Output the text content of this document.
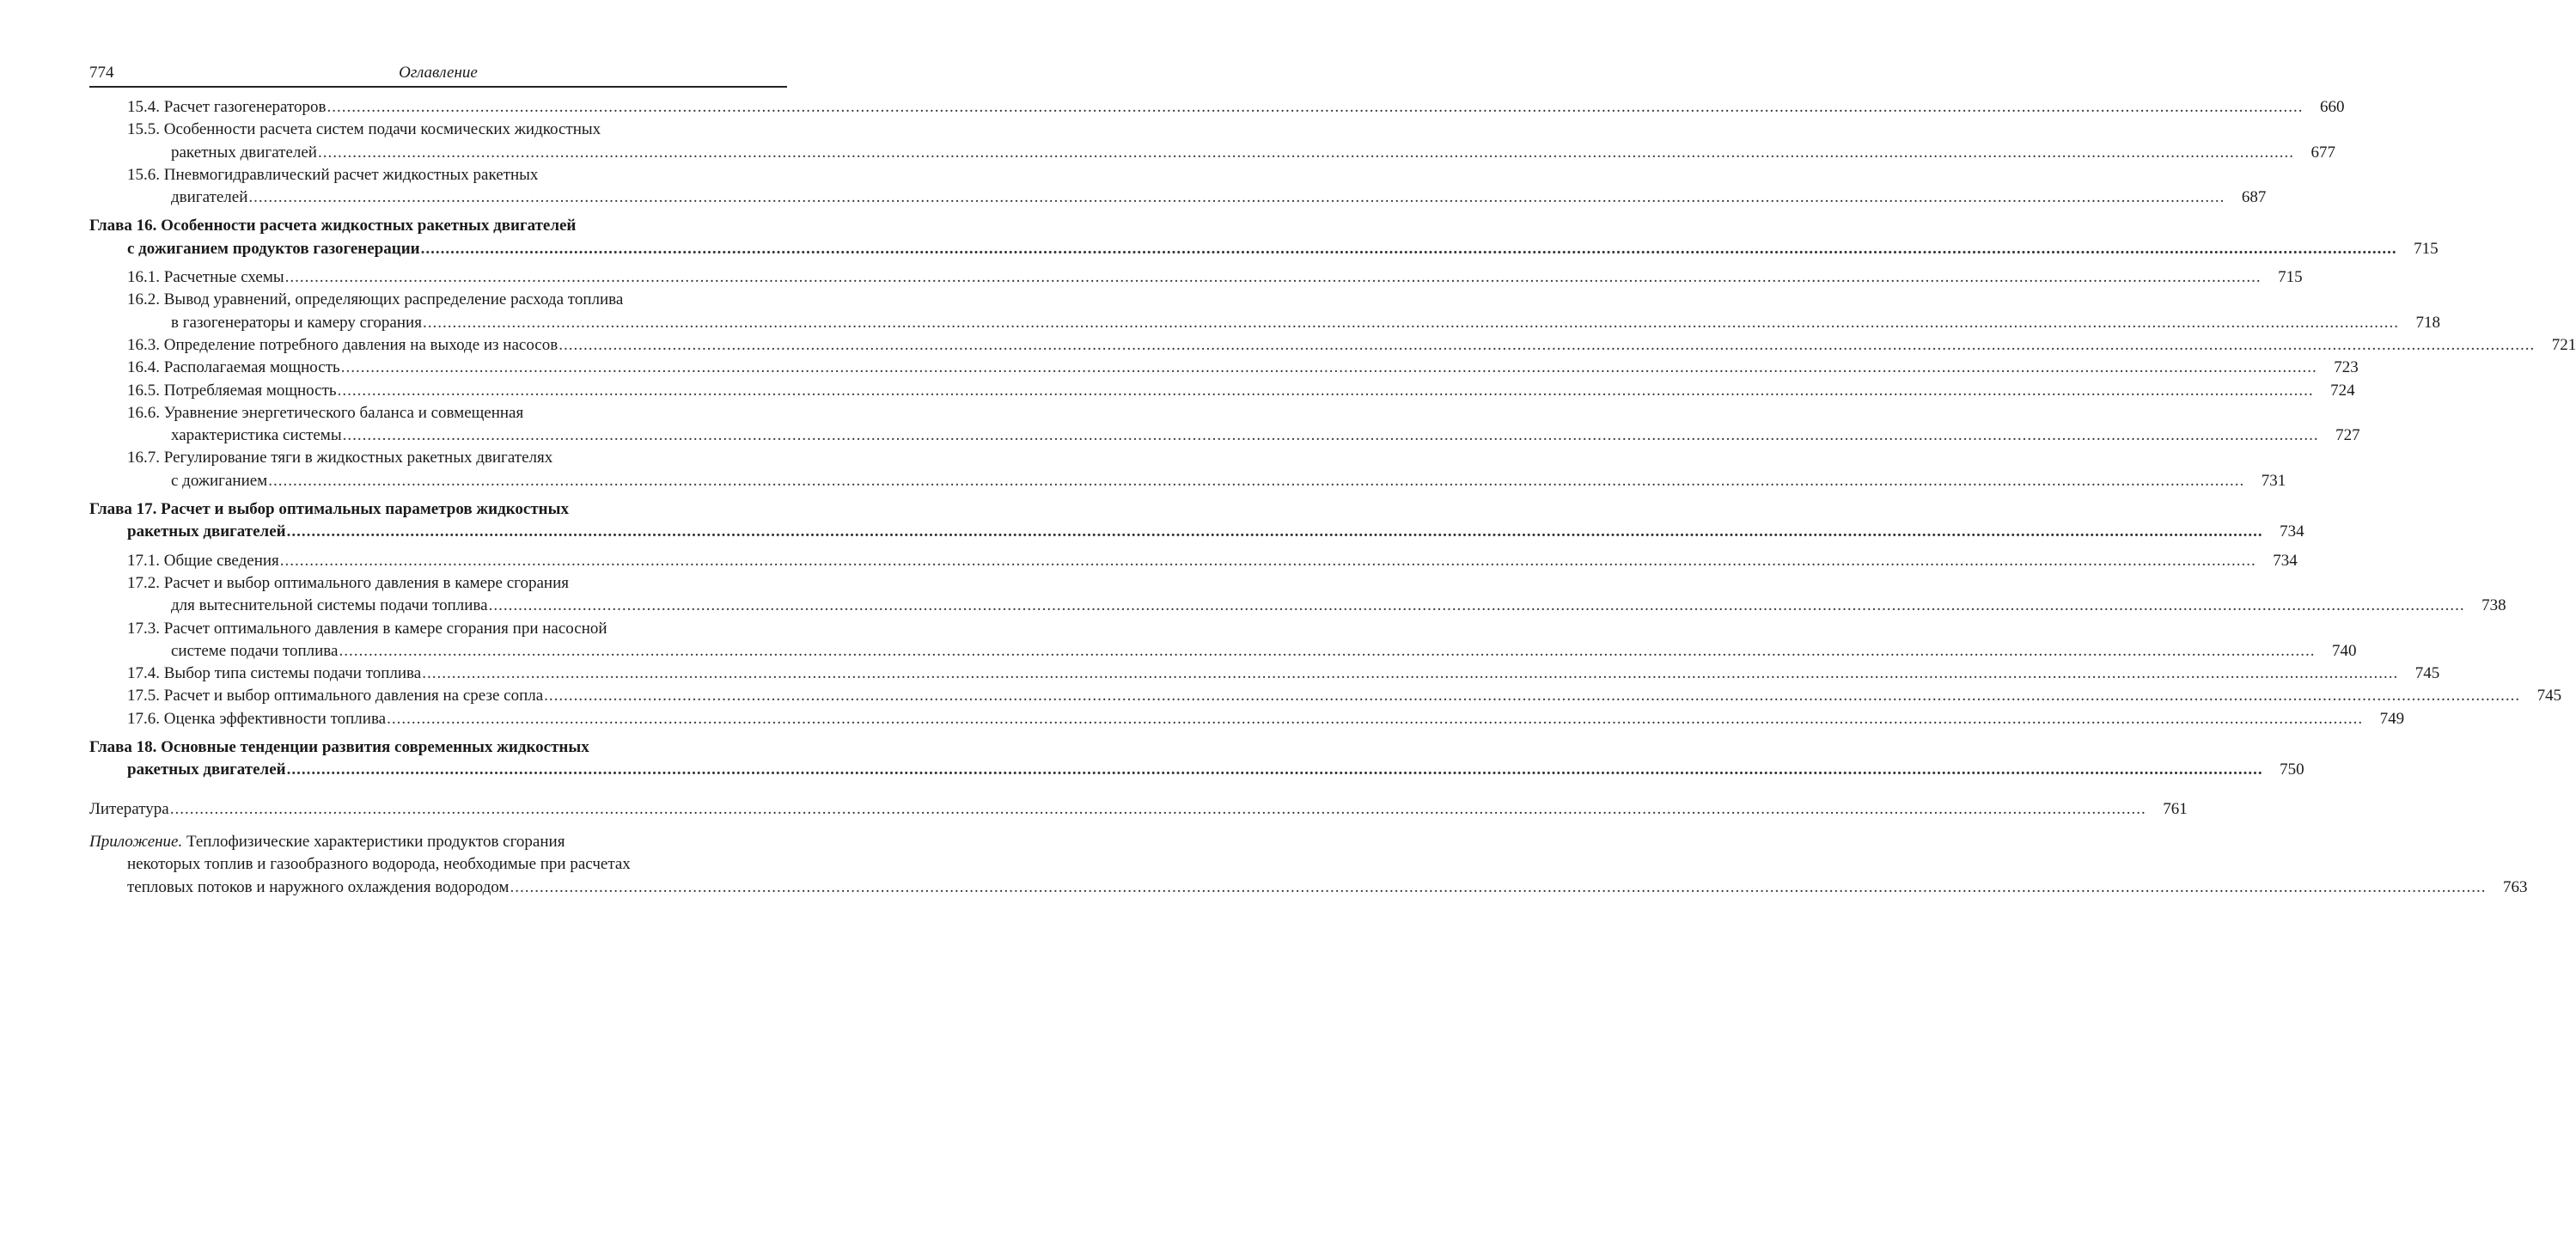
774	Оглавление
15.4. Расчет газогенераторов ................................................................................................................................................................................................................................................................................................................................................................................................................	660
15.5. Особенности расчета систем подачи космических жидкостных
ракетных двигателей ................................................................................................................................................................................................................................................................................................................................................................................................................	677
15.6. Пневмогидравлический расчет жидкостных ракетных
двигателей ................................................................................................................................................................................................................................................................................................................................................................................................................	687
Глава 16. Особенности расчета жидкостных ракетных двигателей
с дожиганием продуктов газогенерации ................................................................................................................................................................................................................................................................................................................................................................................................................	715
16.1. Расчетные схемы ................................................................................................................................................................................................................................................................................................................................................................................................................	715
16.2. Вывод уравнений, определяющих распределение расхода топлива
в газогенераторы и камеру сгорания ................................................................................................................................................................................................................................................................................................................................................................................................................	718
16.3. Определение потребного давления на выходе из насосов ................................................................................................................................................................................................................................................................................................................................................................................................................	721
16.4. Располагаемая мощность ................................................................................................................................................................................................................................................................................................................................................................................................................	723
16.5. Потребляемая мощность ................................................................................................................................................................................................................................................................................................................................................................................................................	724
16.6. Уравнение энергетического баланса и совмещенная
характеристика системы ................................................................................................................................................................................................................................................................................................................................................................................................................	727
16.7. Регулирование тяги в жидкостных ракетных двигателях
с дожиганием ................................................................................................................................................................................................................................................................................................................................................................................................................	731
Глава 17. Расчет и выбор оптимальных параметров жидкостных
ракетных двигателей ................................................................................................................................................................................................................................................................................................................................................................................................................	734
17.1. Общие сведения ................................................................................................................................................................................................................................................................................................................................................................................................................	734
17.2. Расчет и выбор оптимального давления в камере сгорания
для вытеснительной системы подачи топлива ................................................................................................................................................................................................................................................................................................................................................................................................................	738
17.3. Расчет оптимального давления в камере сгорания при насосной
системе подачи топлива ................................................................................................................................................................................................................................................................................................................................................................................................................	740
17.4. Выбор типа системы подачи топлива ................................................................................................................................................................................................................................................................................................................................................................................................................	745
17.5. Расчет и выбор оптимального давления на срезе сопла ................................................................................................................................................................................................................................................................................................................................................................................................................	745
17.6. Оценка эффективности топлива ................................................................................................................................................................................................................................................................................................................................................................................................................	749
Глава 18. Основные тенденции развития современных жидкостных
ракетных двигателей ................................................................................................................................................................................................................................................................................................................................................................................................................	750
Литература ................................................................................................................................................................................................................................................................................................................................................................................................................	761
Приложение. Теплофизические характеристики продуктов сгорания
некоторых топлив и газообразного водорода, необходимые при расчетах
тепловых потоков и наружного охлаждения водородом ................................................................................................................................................................................................................................................................................................................................................................................................................	763
